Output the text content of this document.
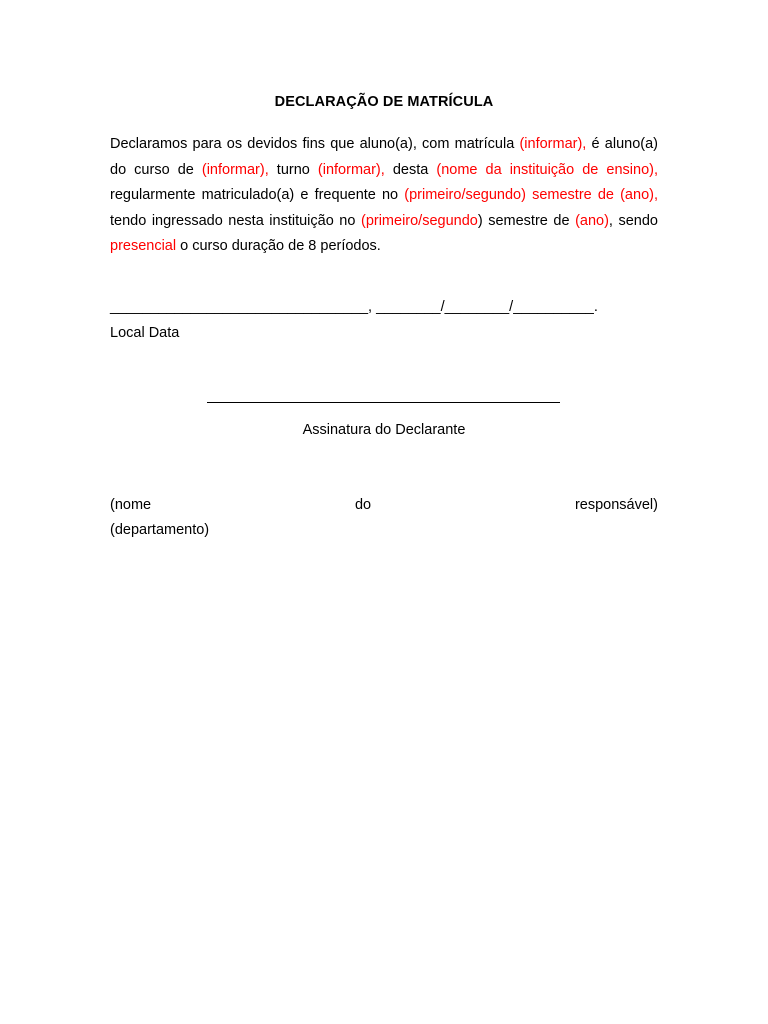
DECLARAÇÃO DE MATRÍCULA

Declaramos para os devidos fins que aluno(a), com matrícula (informar), é aluno(a) do curso de (informar), turno (informar), desta (nome da instituição de ensino), regularmente matriculado(a) e frequente no (primeiro/segundo) semestre de (ano), tendo ingressado nesta instituição no (primeiro/segundo) semestre de (ano), sendo presencial o curso duração de 8 períodos.

________________________________, ________/________/__________.
Local Data
Assinatura do Declarante
(nome	do	responsável)
(departamento)
